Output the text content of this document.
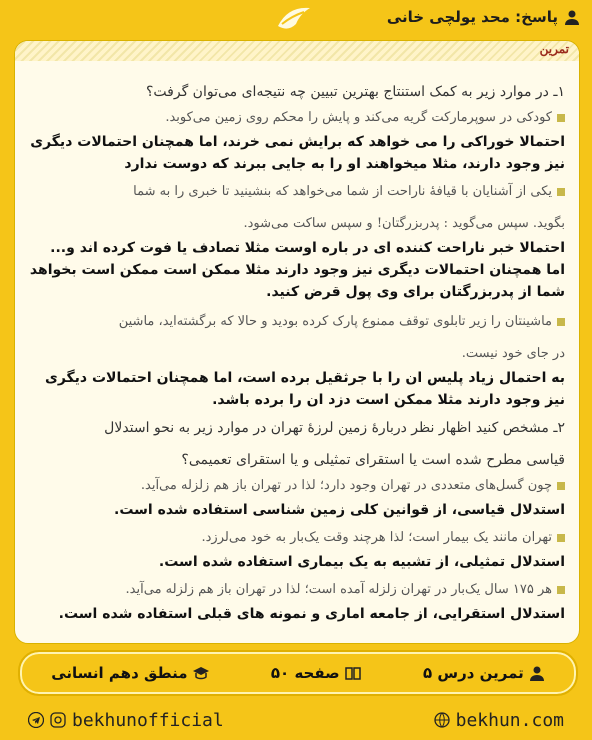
پاسخ: محد یولچی خانی
تمرین
۱ـ در موارد زیر به کمک استنتاج بهترین تبیین چه نتیجه‌ای می‌توان گرفت؟
کودکی در سوپرمارکت گریه می‌کند و پایش را محکم روی زمین می‌کوبد.
احتمالا خوراکی را می خواهد که برایش نمی خرند، اما همچنان احتمالات دیگری نیز وجود دارند، مثلا میخواهند او را به جایی ببرند که دوست ندارد
یکی از آشنایان با قیافهٔ ناراحت از شما می‌خواهد که بنشینید تا خبری را به شما
بگوید. سپس می‌گوید : پدربزرگتان! و سپس ساکت می‌شود.
احتمالا خبر ناراحت کننده ای در باره اوست مثلا تصادف یا فوت کرده اند و... اما همچنان احتمالات دیگری نیز وجود دارند مثلا ممکن است ممکن است بخواهد شما از پدربزرگتان برای وی پول قرض کنید.
ماشینتان را زیر تابلوی توقف ممنوع پارک کرده بودید و حالا که برگشته‌اید، ماشین
در جای خود نیست.
به احتمال زیاد پلیس ان را با جرثقیل برده است، اما همچنان احتمالات دیگری نیز وجود دارند مثلا ممکن است دزد ان را برده باشد.
۲ـ مشخص کنید اظهار نظر دربارهٔ زمین لرزهٔ تهران در موارد زیر به نحو استدلال
قیاسی مطرح شده است یا استقرای تمثیلی و یا استقرای تعمیمی؟
چون گسل‌های متعددی در تهران وجود دارد؛ لذا در تهران باز هم زلزله می‌آید.
استدلال قیاسی، از قوانین کلی زمین شناسی استفاده شده است.
تهران مانند یک بیمار است؛ لذا هرچند وقت یک‌بار به خود می‌لرزد.
استدلال تمثیلی، از تشبیه به یک بیماری استفاده شده است.
هر ۱۷۵ سال یک‌بار در تهران زلزله آمده است؛ لذا در تهران باز هم زلزله می‌آید.
استدلال استقرایی، از جامعه اماری و نمونه های قبلی استفاده شده است.
تمرین درس ۵
صفحه ۵۰
منطق دهم انسانی
bekhunofficial	bekhun.com
